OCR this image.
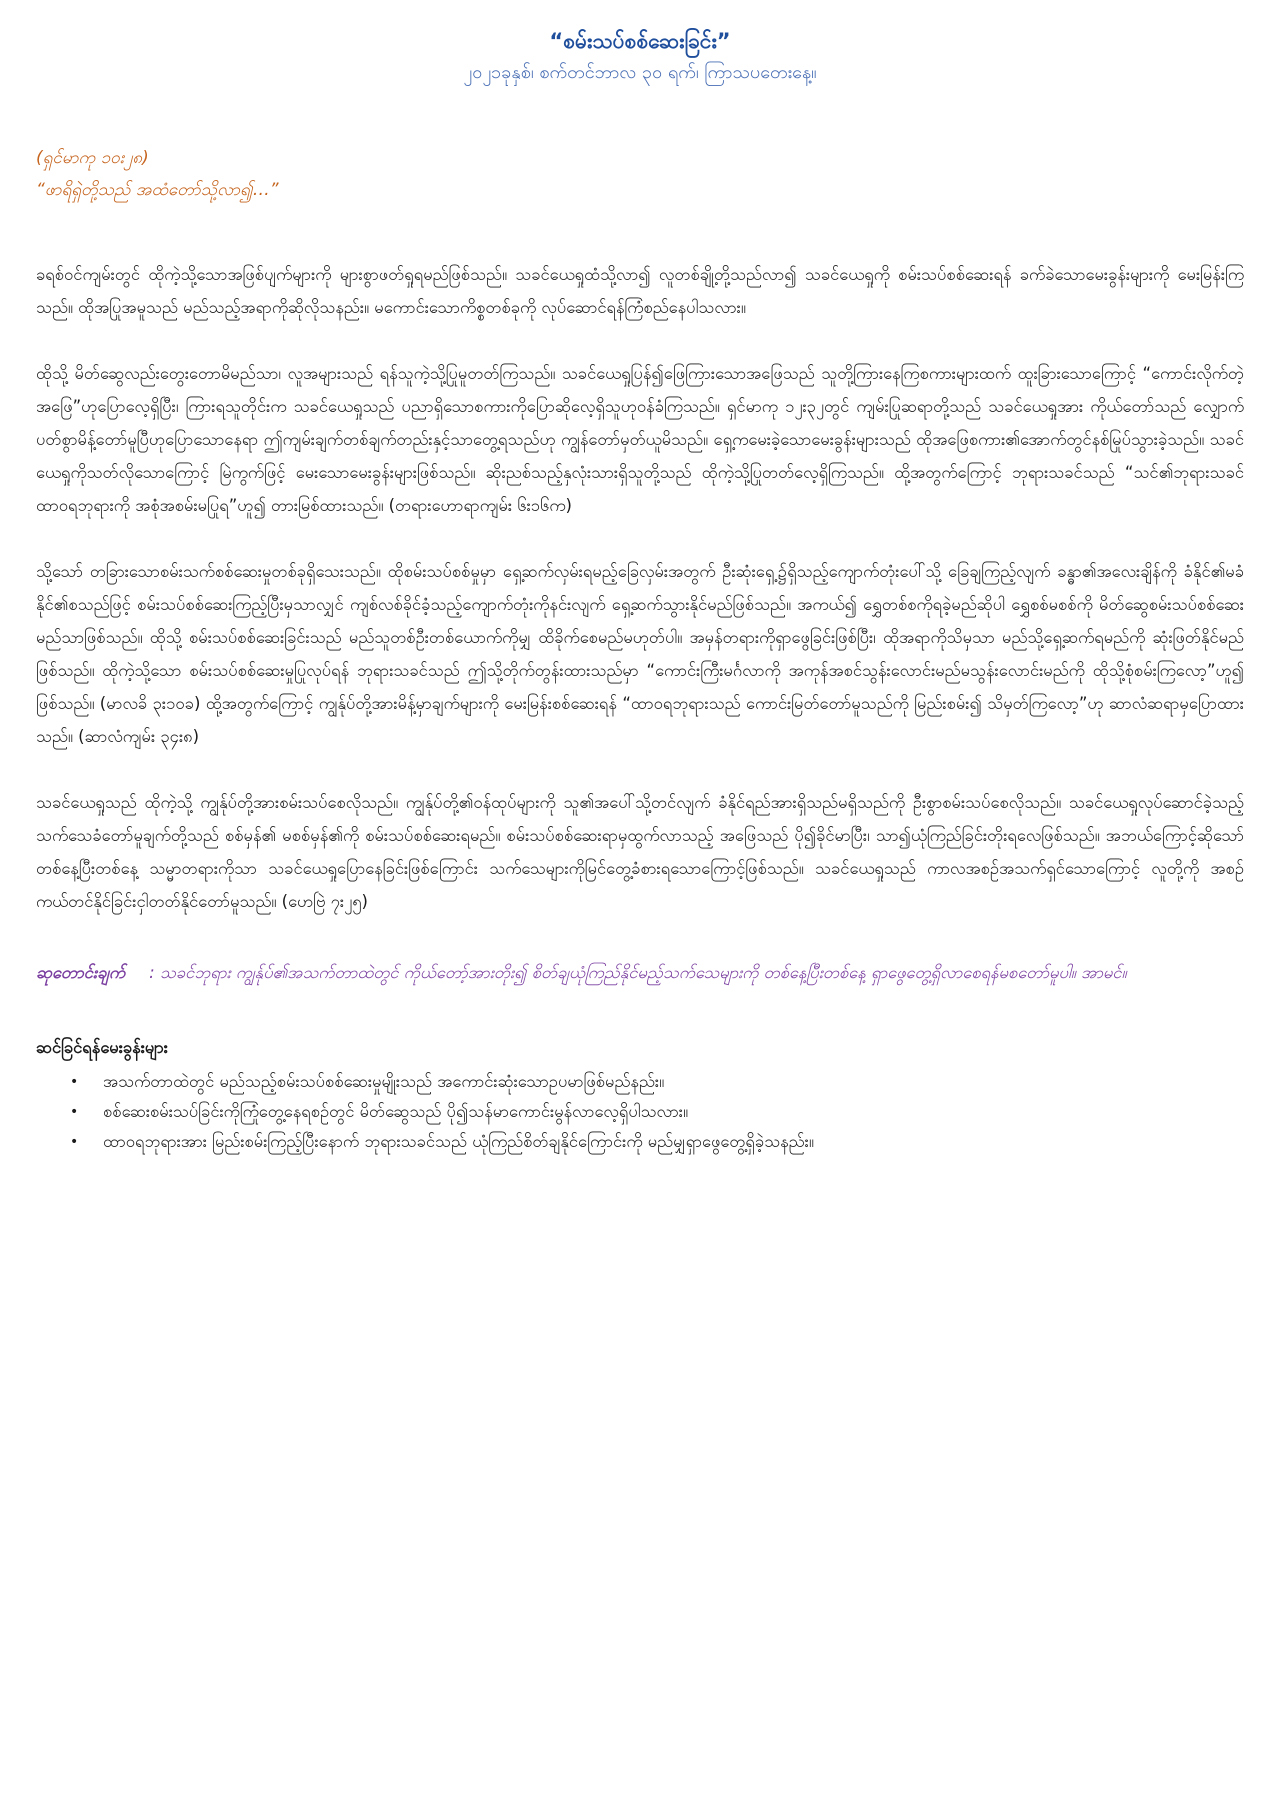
“စမ်းသပ်စစ်ဆေးခြင်း”

၂၀၂၁ခုနှစ်၊ စက်တင်ဘာလ ၃၀ ရက်၊ ကြာသပတေးနေ့။

(ရှင်မာကု ၁၀း၂၈)
“ဖာရိရှဲတို့သည် အထံတော်သို့လာ၍…”

ခရစ်ဝင်ကျမ်းတွင် ထိုကဲ့သို့သောအဖြစ်ပျက်များကို များစွာဖတ်ရှုရမည်ဖြစ်သည်။ သခင်ယေရှုထံသို့လာ၍ လူတစ်ချို့တို့သည်လာ၍ သခင်ယေရှုကို စမ်းသပ်စစ်ဆေးရန် ခက်ခဲသောမေးခွန်းများကို မေးမြန်းကြသည်။ ထိုအပြုအမူသည် မည်သည့်အရာကိုဆိုလိုသနည်း။ မကောင်းသောကိစ္စတစ်ခုကို လုပ်ဆောင်ရန်ကြံစည်နေပါသလား။

ထိုသို့ မိတ်ဆွေလည်းတွေးတောမိမည်သာ၊ လူအများသည် ရန်သူကဲ့သို့ပြုမူတတ်ကြသည်။ သခင်ယေရှုပြန်၍ဖြေကြားသောအဖြေသည် သူတို့ကြားနေကြစကားများထက် ထူးခြားသောကြောင့် “ကောင်းလိုက်တဲ့အဖြေ”ဟုပြောလေ့ရှိပြီး၊ ကြားရသူတိုင်းက သခင်ယေရှုသည် ပညာရှိသောစကားကိုပြောဆိုလေ့ရှိသူဟုဝန်ခံကြသည်။ ရှင်မာကု ၁၂း၃၂တွင် ကျမ်းပြုဆရာတို့သည် သခင်ယေရှုအား ကိုယ်တော်သည် လျှောက်ပတ်စွာမိန့်တော်မူပြီဟုပြောသောနေရာ ဤကျမ်းချက်တစ်ချက်တည်းနှင့်သာတွေ့ရသည်ဟု ကျွန်တော်မှတ်ယူမိသည်။ ရှေ့ကမေးခဲ့သောမေးခွန်းများသည် ထိုအဖြေစကား၏အောက်တွင်နစ်မြုပ်သွားခဲ့သည်။ သခင်ယေရှုကိုသတ်လိုသောကြောင့် မြဲကွက်ဖြင့် မေးသောမေးခွန်းများဖြစ်သည်။ ဆိုးညစ်သည့်နှလုံးသားရှိသူတို့သည် ထိုကဲ့သို့ပြုတတ်လေ့ရှိကြသည်။ ထို့အတွက်ကြောင့် ဘုရားသခင်သည် “သင်၏ဘုရားသခင် ထာဝရဘုရားကို အစုံအစမ်းမပြုရ”ဟူ၍ တားမြစ်ထားသည်။ (တရားဟောရာကျမ်း ၆း၁၆က)

သို့သော် တခြားသောစမ်းသက်စစ်ဆေးမှုတစ်ခုရှိသေးသည်။ ထိုစမ်းသပ်စစ်မှုမှာ ရှေ့ဆက်လှမ်းရမည့်ခြေလှမ်းအတွက် ဦးဆုံးရှေ့၌ရှိသည့်ကျောက်တုံးပေါ်သို့ ခြေချကြည့်လျက် ခန္ဓာ၏အလေးချိန်ကို ခံနိုင်၏မခံနိုင်၏စသည်ဖြင့် စမ်းသပ်စစ်ဆေးကြည့်ပြီးမှသာလျှင် ကျစ်လစ်ခိုင်ခံ့သည့်ကျောက်တုံးကိုနင်းလျက် ရှေ့ဆက်သွားနိုင်မည်ဖြစ်သည်။ အကယ်၍ ရွှေတစ်စကိုရခဲ့မည်ဆိုပါ ရွှေစစ်မစစ်ကို မိတ်ဆွေစမ်းသပ်စစ်ဆေးမည်သာဖြစ်သည်။ ထိုသို့ စမ်းသပ်စစ်ဆေးခြင်းသည် မည်သူတစ်ဦးတစ်ယောက်ကိုမျှ ထိခိုက်စေမည်မဟုတ်ပါ။ အမှန်တရားကိုရှာဖွေခြင်းဖြစ်ပြီး၊ ထိုအရာကိုသိမှသာ မည်သို့ရှေ့ဆက်ရမည်ကို ဆုံးဖြတ်နိုင်မည်ဖြစ်သည်။ ထိုကဲ့သို့သော စမ်းသပ်စစ်ဆေးမှုပြုလုပ်ရန် ဘုရားသခင်သည် ဤသို့တိုက်တွန်းထားသည်မှာ “ကောင်းကြီးမင်္ဂလာကို အကုန်အစင်သွန်းလောင်းမည်မသွန်းလောင်းမည်ကို ထိုသို့စုံစမ်းကြလော့”ဟူ၍ ဖြစ်သည်။ (မာလခိ ၃း၁၀ခ) ထို့အတွက်ကြောင့် ကျွန်ုပ်တို့အားမိန့်မှာချက်များကို မေးမြန်းစစ်ဆေးရန် “ထာဝရဘုရားသည် ကောင်းမြတ်တော်မူသည်ကို မြည်းစမ်း၍ သိမှတ်ကြလော့”ဟု ဆာလံဆရာမှပြောထားသည်။ (ဆာလံကျမ်း ၃၄း၈)

သခင်ယေရှုသည် ထိုကဲ့သို့ ကျွန်ုပ်တို့အားစမ်းသပ်စေလိုသည်။ ကျွန်ုပ်တို့၏ဝန်ထုပ်များကို သူ၏အပေါ်သို့တင်လျက် ခံနိုင်ရည်အားရှိသည်မရှိသည်ကို ဦးစွာစမ်းသပ်စေလိုသည်။ သခင်ယေရှုလုပ်ဆောင်ခဲ့သည့် သက်သေခံတော်မူချက်တို့သည် စစ်မှန်၏ မစစ်မှန်၏ကို စမ်းသပ်စစ်ဆေးရမည်။ စမ်းသပ်စစ်ဆေးရာမှထွက်လာသည့် အဖြေသည် ပို၍ခိုင်မာပြီး၊ သာ၍ယုံကြည်ခြင်းတိုးရလေဖြစ်သည်။ အဘယ်ကြောင့်ဆိုသော် တစ်နေ့ပြီးတစ်နေ့ သမ္မာတရားကိုသာ သခင်ယေရှုပြောနေခြင်းဖြစ်ကြောင်း သက်သေများကိုမြင်တွေ့ခံစားရသောကြောင့်ဖြစ်သည်။ သခင်ယေရှုသည် ကာလအစဉ်အသက်ရှင်သောကြောင့် လူတို့ကို အစဉ်ကယ်တင်နိုင်ခြင်းငှါတတ်နိုင်တော်မူသည်။ (ဟေဗြဲ ၇း၂၅)

ဆုတောင်းချက် : သခင်ဘုရား ကျွန်ုပ်၏အသက်တာထဲတွင် ကိုယ်တော့်အားတိုး၍ စိတ်ချယုံကြည်နိုင်မည့်သက်သေများကို တစ်နေ့ပြီးတစ်နေ့ ရှာဖွေတွေ့ရှိလာစေရန်မစတော်မူပါ။ အာမင်။
ဆင်ခြင်ရန်မေးခွန်းများ
•	အသက်တာထဲတွင် မည်သည့်စမ်းသပ်စစ်ဆေးမှုမျိုးသည် အကောင်းဆုံးသောဥပမာဖြစ်မည်နည်း။
•	စစ်ဆေးစမ်းသပ်ခြင်းကိုကြုံတွေ့နေရစဉ်တွင် မိတ်ဆွေသည် ပို၍သန်မာကောင်းမွန်လာလေ့ရှိပါသလား။
•	ထာဝရဘုရားအား မြည်းစမ်းကြည့်ပြီးနောက် ဘုရားသခင်သည် ယုံကြည်စိတ်ချနိုင်ကြောင်းကို မည်မျှရှာဖွေတွေ့ရှိခဲ့သနည်း။
